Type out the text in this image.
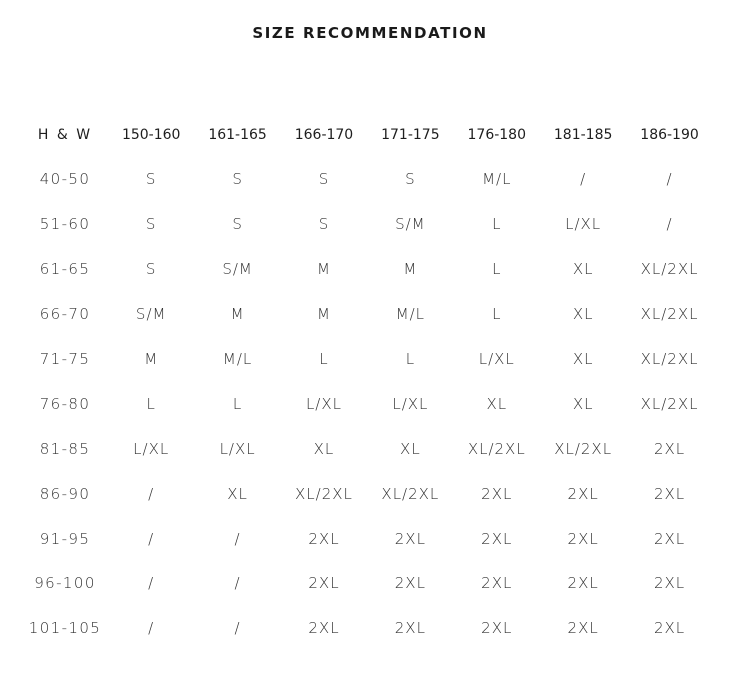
SIZE RECOMMENDATION
H & W	150-160	161-165	166-170	171-175	176-180	181-185	186-190
40-50	S	S	S	S	M/L	/	/
51-60	S	S	S	S/M	L	L/XL	/
61-65	S	S/M	M	M	L	XL	XL/2XL
66-70	S/M	M	M	M/L	L	XL	XL/2XL
71-75	M	M/L	L	L	L/XL	XL	XL/2XL
76-80	L	L	L/XL	L/XL	XL	XL	XL/2XL
81-85	L/XL	L/XL	XL	XL	XL/2XL	XL/2XL	2XL
86-90	/	XL	XL/2XL	XL/2XL	2XL	2XL	2XL
91-95	/	/	2XL	2XL	2XL	2XL	2XL
96-100	/	/	2XL	2XL	2XL	2XL	2XL
101-105	/	/	2XL	2XL	2XL	2XL	2XL
